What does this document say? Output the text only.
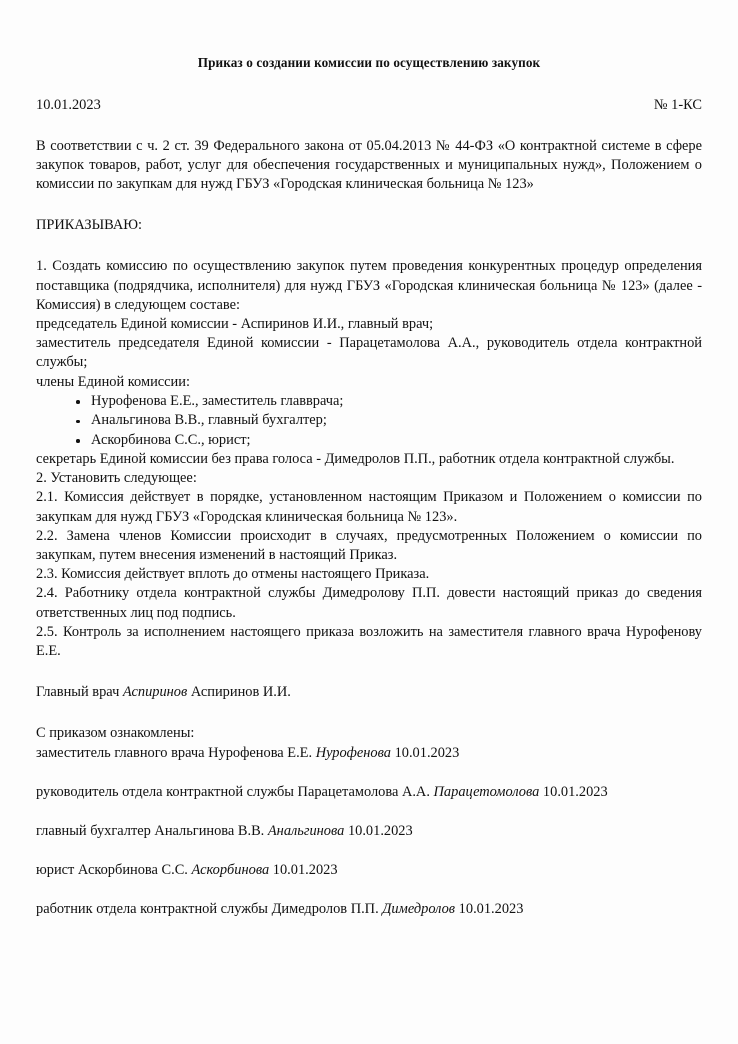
Приказ о создании комиссии по осуществлению закупок
10.01.2023	№ 1-КС

В соответствии с ч. 2 ст. 39 Федерального закона от 05.04.2013 № 44-ФЗ «О контрактной системе в сфере закупок товаров, работ, услуг для обеспечения государственных и муниципальных нужд», Положением о комиссии по закупкам для нужд ГБУЗ «Городская клиническая больница № 123»

ПРИКАЗЫВАЮ:

1. Создать комиссию по осуществлению закупок путем проведения конкурентных процедур определения поставщика (подрядчика, исполнителя) для нужд ГБУЗ «Городская клиническая больница № 123» (далее - Комиссия) в следующем составе:

председатель Единой комиссии - Аспиринов И.И., главный врач;

заместитель председателя Единой комиссии - Парацетамолова А.А., руководитель отдела контрактной службы;

члены Единой комиссии:

Нурофенова Е.Е., заместитель главврача;
Анальгинова В.В., главный бухгалтер;
Аскорбинова С.С., юрист;

секретарь Единой комиссии без права голоса - Димедролов П.П., работник отдела контрактной службы.

2. Установить следующее:

2.1. Комиссия действует в порядке, установленном настоящим Приказом и Положением о комиссии по закупкам для нужд ГБУЗ «Городская клиническая больница № 123».

2.2. Замена членов Комиссии происходит в случаях, предусмотренных Положением о комиссии по закупкам, путем внесения изменений в настоящий Приказ.

2.3. Комиссия действует вплоть до отмены настоящего Приказа.

2.4. Работнику отдела контрактной службы Димедролову П.П. довести настоящий приказ до сведения ответственных лиц под подпись.

2.5. Контроль за исполнением настоящего приказа возложить на заместителя главного врача Нурофенову Е.Е.

Главный врач Аспиринов Аспиринов И.И.

С приказом ознакомлены:

заместитель главного врача Нурофенова Е.Е. Нурофенова 10.01.2023

руководитель отдела контрактной службы Парацетамолова А.А. Парацетомолова 10.01.2023

главный бухгалтер Анальгинова В.В. Анальгинова 10.01.2023

юрист Аскорбинова С.С. Аскорбинова 10.01.2023

работник отдела контрактной службы Димедролов П.П. Димедролов 10.01.2023
